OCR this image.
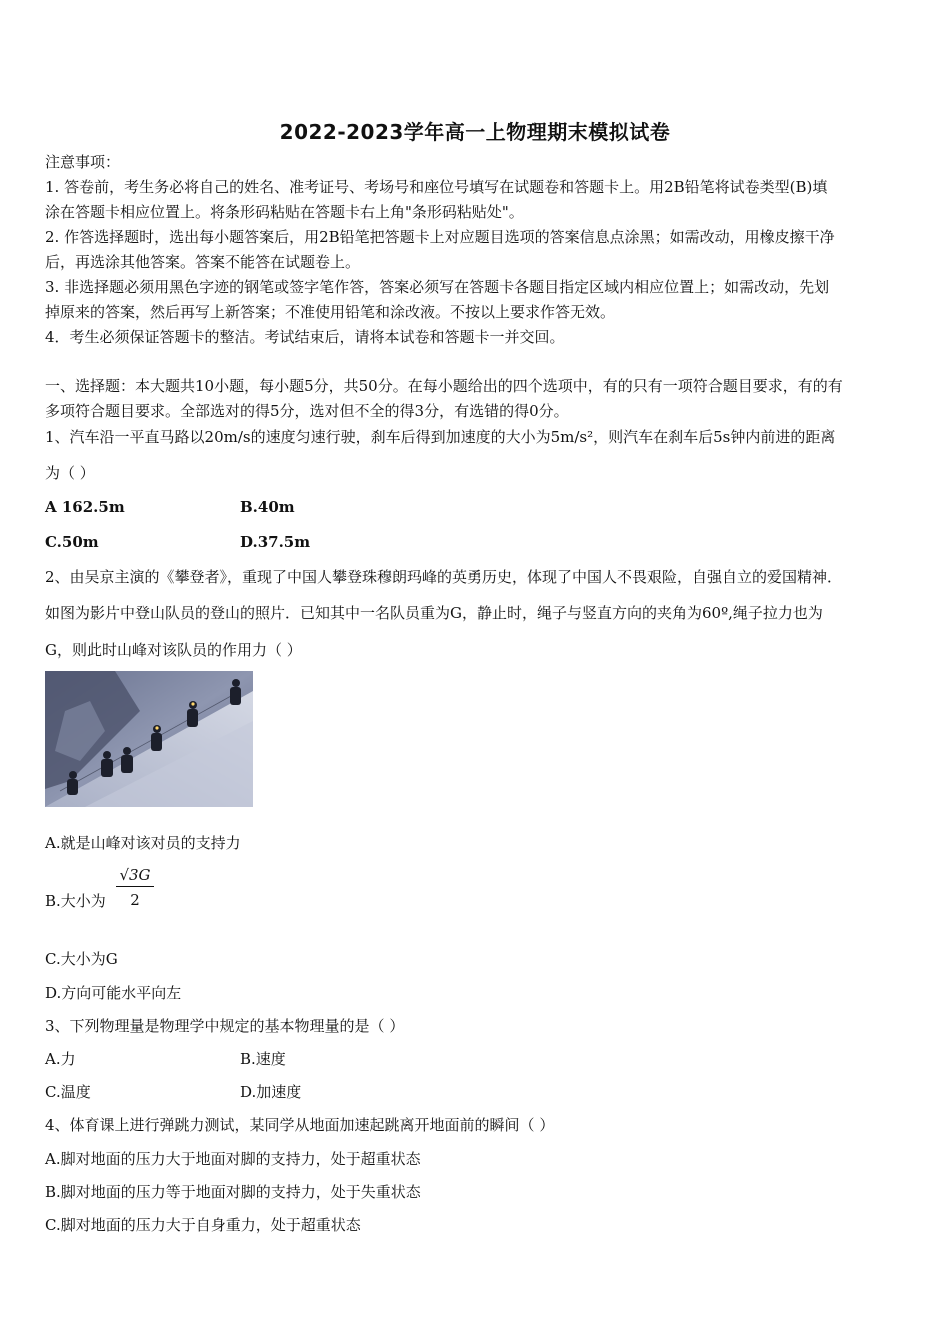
2022-2023学年高一上物理期末模拟试卷
注意事项：
1. 答卷前，考生务必将自己的姓名、准考证号、考场号和座位号填写在试题卷和答题卡上。用2B铅笔将试卷类型(B)填
涂在答题卡相应位置上。将条形码粘贴在答题卡右上角"条形码粘贴处"。
2. 作答选择题时，选出每小题答案后，用2B铅笔把答题卡上对应题目选项的答案信息点涂黑；如需改动，用橡皮擦干净
后，再选涂其他答案。答案不能答在试题卷上。
3. 非选择题必须用黑色字迹的钢笔或签字笔作答，答案必须写在答题卡各题目指定区域内相应位置上；如需改动，先划
掉原来的答案，然后再写上新答案；不准使用铅笔和涂改液。不按以上要求作答无效。
4．考生必须保证答题卡的整洁。考试结束后，请将本试卷和答题卡一并交回。
一、选择题：本大题共10小题，每小题5分，共50分。在每小题给出的四个选项中，有的只有一项符合题目要求，有的有
多项符合题目要求。全部选对的得5分，选对但不全的得3分，有选错的得0分。
1、汽车沿一平直马路以20m/s的速度匀速行驶，刹车后得到加速度的大小为5m/s²，则汽车在刹车后5s钟内前进的距离
为（ ）
A 162.5m	B.40m
C.50m	D.37.5m
2、由吴京主演的《攀登者》，重现了中国人攀登珠穆朗玛峰的英勇历史，体现了中国人不畏艰险，自强自立的爱国精神．
如图为影片中登山队员的登山的照片．已知其中一名队员重为G，静止时，绳子与竖直方向的夹角为60º,绳子拉力也为
G，则此时山峰对该队员的作用力（ ）
A.就是山峰对该对员的支持力
B.大小为 $\frac{√3G}{2}$
C.大小为G
D.方向可能水平向左
3、下列物理量是物理学中规定的基本物理量的是（ ）
A.力	B.速度
C.温度	D.加速度
4、体育课上进行弹跳力测试，某同学从地面加速起跳离开地面前的瞬间（ ）
A.脚对地面的压力大于地面对脚的支持力，处于超重状态
B.脚对地面的压力等于地面对脚的支持力，处于失重状态
C.脚对地面的压力大于自身重力，处于超重状态
